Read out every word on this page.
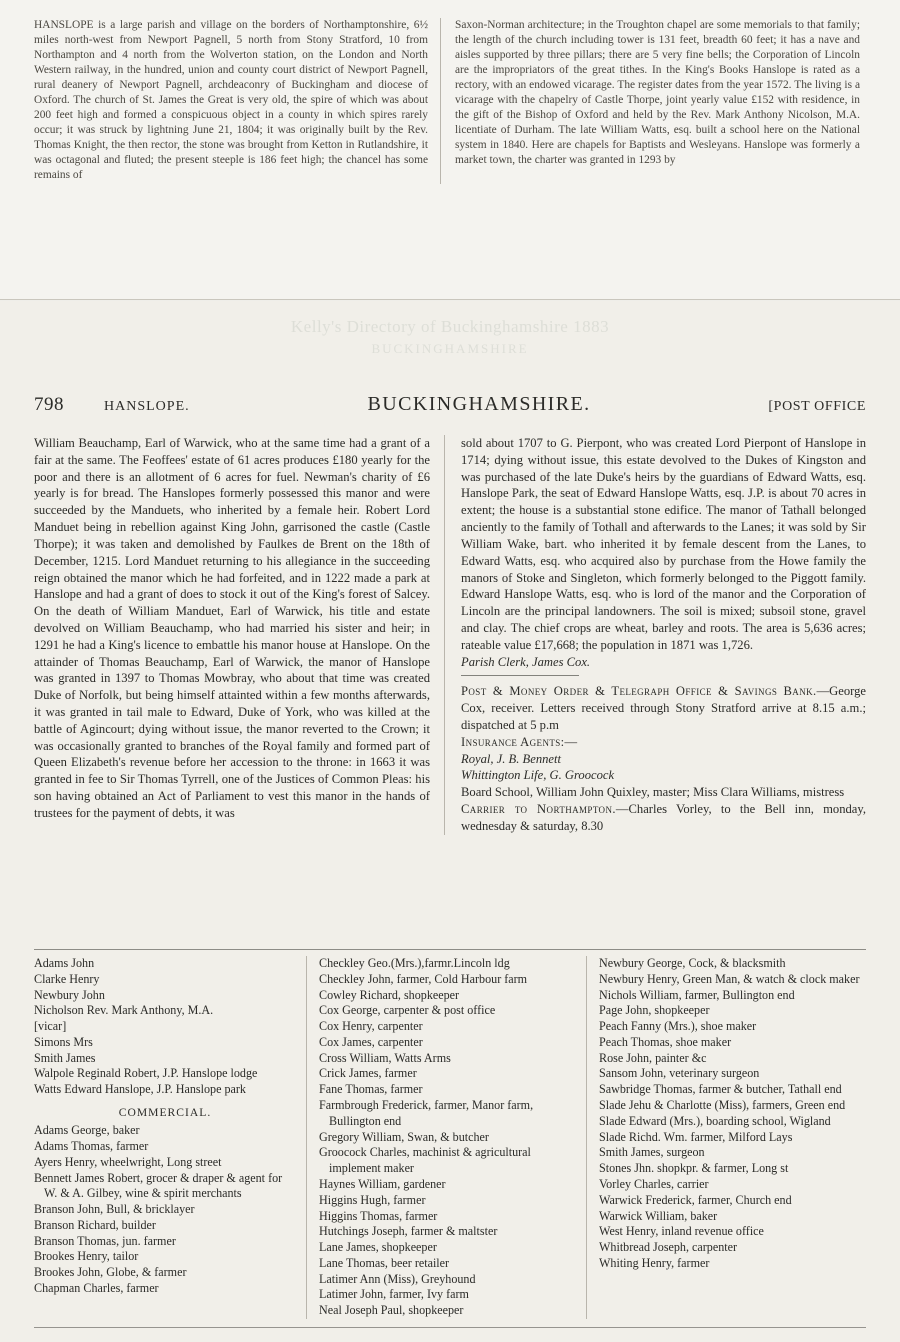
HANSLOPE is a large parish and village on the borders of Northamptonshire, 6½ miles north-west from Newport Pagnell, 5 north from Stony Stratford, 10 from Northampton and 4 north from the Wolverton station, on the London and North Western railway, in the hundred, union and county court district of Newport Pagnell, rural deanery of Newport Pagnell, archdeaconry of Buckingham and diocese of Oxford. The church of St. James the Great is very old, the spire of which was about 200 feet high and formed a conspicuous object in a county in which spires rarely occur; it was struck by lightning June 21, 1804; it was originally built by the Rev. Thomas Knight, the then rector, the stone was brought from Ketton in Rutlandshire, it was octagonal and fluted; the present steeple is 186 feet high; the chancel has some remains of

Saxon-Norman architecture; in the Troughton chapel are some memorials to that family; the length of the church including tower is 131 feet, breadth 60 feet; it has a nave and aisles supported by three pillars; there are 5 very fine bells; the Corporation of Lincoln are the impropriators of the great tithes. In the King's Books Hanslope is rated as a rectory, with an endowed vicarage. The register dates from the year 1572. The living is a vicarage with the chapelry of Castle Thorpe, joint yearly value £152 with residence, in the gift of the Bishop of Oxford and held by the Rev. Mark Anthony Nicolson, M.A. licentiate of Durham. The late William Watts, esq. built a school here on the National system in 1840. Here are chapels for Baptists and Wesleyans. Hanslope was formerly a market town, the charter was granted in 1293 by

Kelly's Directory of Buckinghamshire 1883
BUCKINGHAMSHIRE
798	HANSLOPE.	BUCKINGHAMSHIRE.	[POST OFFICE

William Beauchamp, Earl of Warwick, who at the same time had a grant of a fair at the same. The Feoffees' estate of 61 acres produces £180 yearly for the poor and there is an allotment of 6 acres for fuel. Newman's charity of £6 yearly is for bread. The Hanslopes formerly possessed this manor and were succeeded by the Manduets, who inherited by a female heir. Robert Lord Manduet being in rebellion against King John, garrisoned the castle (Castle Thorpe); it was taken and demolished by Faulkes de Brent on the 18th of December, 1215. Lord Manduet returning to his allegiance in the succeeding reign obtained the manor which he had forfeited, and in 1222 made a park at Hanslope and had a grant of does to stock it out of the King's forest of Salcey. On the death of William Manduet, Earl of Warwick, his title and estate devolved on William Beauchamp, who had married his sister and heir; in 1291 he had a King's licence to embattle his manor house at Hanslope. On the attainder of Thomas Beauchamp, Earl of Warwick, the manor of Hanslope was granted in 1397 to Thomas Mowbray, who about that time was created Duke of Norfolk, but being himself attainted within a few months afterwards, it was granted in tail male to Edward, Duke of York, who was killed at the battle of Agincourt; dying without issue, the manor reverted to the Crown; it was occasionally granted to branches of the Royal family and formed part of Queen Elizabeth's revenue before her accession to the throne: in 1663 it was granted in fee to Sir Thomas Tyrrell, one of the Justices of Common Pleas: his son having obtained an Act of Parliament to vest this manor in the hands of trustees for the payment of debts, it was

sold about 1707 to G. Pierpont, who was created Lord Pierpont of Hanslope in 1714; dying without issue, this estate devolved to the Dukes of Kingston and was purchased of the late Duke's heirs by the guardians of Edward Watts, esq. Hanslope Park, the seat of Edward Hanslope Watts, esq. J.P. is about 70 acres in extent; the house is a substantial stone edifice. The manor of Tathall belonged anciently to the family of Tothall and afterwards to the Lanes; it was sold by Sir William Wake, bart. who inherited it by female descent from the Lanes, to Edward Watts, esq. who acquired also by purchase from the Howe family the manors of Stoke and Singleton, which formerly belonged to the Piggott family. Edward Hanslope Watts, esq. who is lord of the manor and the Corporation of Lincoln are the principal landowners. The soil is mixed; subsoil stone, gravel and clay. The chief crops are wheat, barley and roots. The area is 5,636 acres; rateable value £17,668; the population in 1871 was 1,726.

Parish Clerk, James Cox.

Post & Money Order & Telegraph Office & Savings Bank.—George Cox, receiver. Letters received through Stony Stratford arrive at 8.15 a.m.; dispatched at 5 p.m

Insurance Agents:—

Royal, J. B. Bennett

Whittington Life, G. Groocock

Board School, William John Quixley, master; Miss Clara Williams, mistress

Carrier to Northampton.—Charles Vorley, to the Bell inn, monday, wednesday & saturday, 8.30

Adams John

Clarke Henry

Newbury John

Nicholson Rev. Mark Anthony, M.A.

[vicar]

Simons Mrs

Smith James

Walpole Reginald Robert, J.P. Hanslope lodge

Watts Edward Hanslope, J.P. Hanslope park

COMMERCIAL.

Adams George, baker

Adams Thomas, farmer

Ayers Henry, wheelwright, Long street

Bennett James Robert, grocer & draper & agent for W. & A. Gilbey, wine & spirit merchants

Branson John, Bull, & bricklayer

Branson Richard, builder

Branson Thomas, jun. farmer

Brookes Henry, tailor

Brookes John, Globe, & farmer

Chapman Charles, farmer

Checkley Geo.(Mrs.),farmr.Lincoln ldg

Checkley John, farmer, Cold Harbour farm

Cowley Richard, shopkeeper

Cox George, carpenter & post office

Cox Henry, carpenter

Cox James, carpenter

Cross William, Watts Arms

Crick James, farmer

Fane Thomas, farmer

Farmbrough Frederick, farmer, Manor farm, Bullington end

Gregory William, Swan, & butcher

Groocock Charles, machinist & agricultural implement maker

Haynes William, gardener

Higgins Hugh, farmer

Higgins Thomas, farmer

Hutchings Joseph, farmer & maltster

Lane James, shopkeeper

Lane Thomas, beer retailer

Latimer Ann (Miss), Greyhound

Latimer John, farmer, Ivy farm

Neal Joseph Paul, shopkeeper

Newbury George, Cock, & blacksmith

Newbury Henry, Green Man, & watch & clock maker

Nichols William, farmer, Bullington end

Page John, shopkeeper

Peach Fanny (Mrs.), shoe maker

Peach Thomas, shoe maker

Rose John, painter &c

Sansom John, veterinary surgeon

Sawbridge Thomas, farmer & butcher, Tathall end

Slade Jehu & Charlotte (Miss), farmers, Green end

Slade Edward (Mrs.), boarding school, Wigland

Slade Richd. Wm. farmer, Milford Lays

Smith James, surgeon

Stones Jhn. shopkpr. & farmer, Long st

Vorley Charles, carrier

Warwick Frederick, farmer, Church end

Warwick William, baker

West Henry, inland revenue office

Whitbread Joseph, carpenter

Whiting Henry, farmer
